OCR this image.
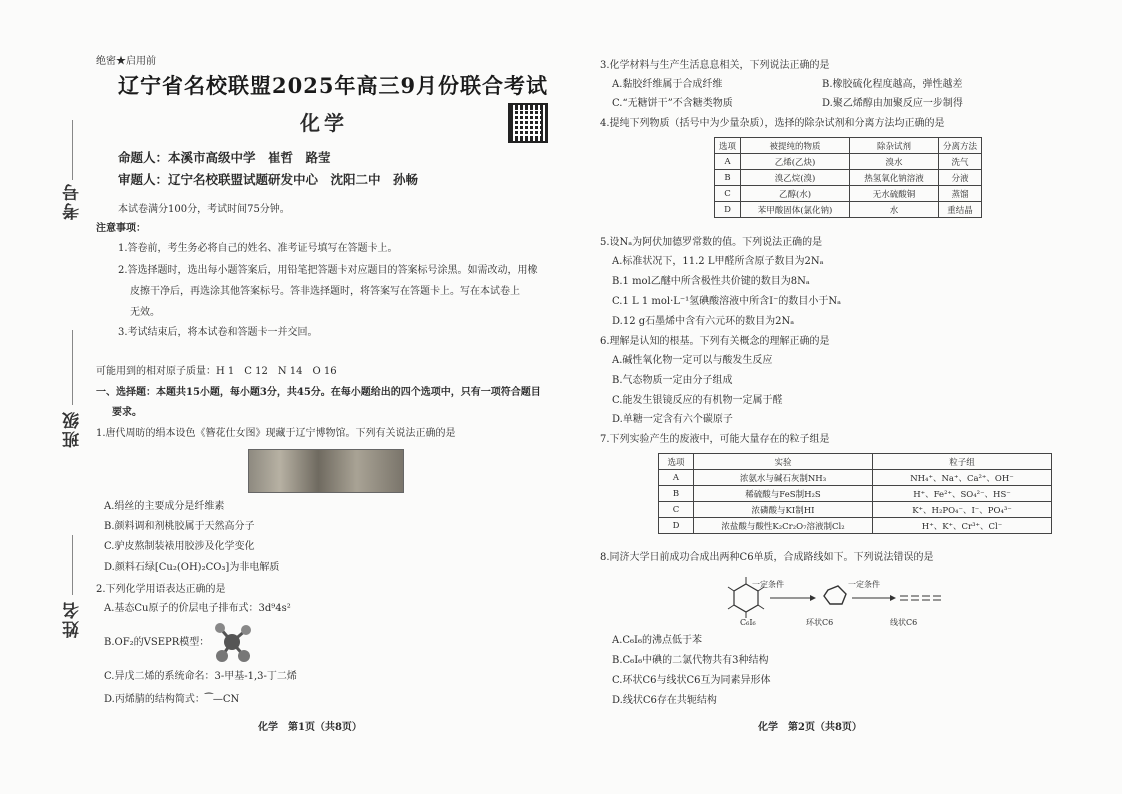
考号
班级
姓名
绝密★启用前
辽宁省名校联盟2025年高三9月份联合考试
化学
命题人：本溪市高级中学　崔哲　路莹
审题人：辽宁名校联盟试题研发中心　沈阳二中　孙畅
本试卷满分100分，考试时间75分钟。
注意事项：
1.答卷前，考生务必将自己的姓名、准考证号填写在答题卡上。
2.答选择题时，选出每小题答案后，用铅笔把答题卡对应题目的答案标号涂黑。如需改动，用橡
皮擦干净后，再选涂其他答案标号。答非选择题时，将答案写在答题卡上。写在本试卷上
无效。
3.考试结束后，将本试卷和答题卡一并交回。
可能用到的相对原子质量：H 1　C 12　N 14　O 16
一、选择题：本题共15小题，每小题3分，共45分。在每小题给出的四个选项中，只有一项符合题目
要求。
1.唐代周昉的绢本设色《簪花仕女图》现藏于辽宁博物馆。下列有关说法正确的是
A.绢丝的主要成分是纤维素
B.颜料调和剂桃胶属于天然高分子
C.驴皮熬制装裱用胶涉及化学变化
D.颜料石绿[Cu₂(OH)₂CO₃]为非电解质
2.下列化学用语表达正确的是
A.基态Cu原子的价层电子排布式：3d⁹4s²
B.OF₂的VSEPR模型：
C.异戊二烯的系统命名：3-甲基-1,3-丁二烯
D.丙烯腈的结构简式：⁀—CN
化学　第1页（共8页）
3.化学材料与生产生活息息相关，下列说法正确的是
A.黏胶纤维属于合成纤维	B.橡胶硫化程度越高，弹性越差
C.“无糖饼干”不含糖类物质	D.聚乙烯醇由加聚反应一步制得
4.提纯下列物质（括号中为少量杂质），选择的除杂试剂和分离方法均正确的是
选项	被提纯的物质	除杂试剂	分离方法
A	乙烯(乙炔)	溴水	洗气
B	溴乙烷(溴)	热氢氧化钠溶液	分液
C	乙醇(水)	无水硫酸铜	蒸馏
D	苯甲酸固体(氯化钠)	水	重结晶
5.设Nₐ为阿伏加德罗常数的值。下列说法正确的是
A.标准状况下，11.2 L甲醛所含原子数目为2Nₐ
B.1 mol乙醚中所含极性共价键的数目为8Nₐ
C.1 L 1 mol·L⁻¹氢碘酸溶液中所含I⁻的数目小于Nₐ
D.12 g石墨烯中含有六元环的数目为2Nₐ
6.理解是认知的根基。下列有关概念的理解正确的是
A.碱性氧化物一定可以与酸发生反应
B.气态物质一定由分子组成
C.能发生银镜反应的有机物一定属于醛
D.单糖一定含有六个碳原子
7.下列实验产生的废液中，可能大量存在的粒子组是
选项	实验	粒子组
A	浓氨水与碱石灰制NH₃	NH₄⁺、Na⁺、Ca²⁺、OH⁻
B	稀硫酸与FeS制H₂S	H⁺、Fe²⁺、SO₄²⁻、HS⁻
C	浓磷酸与KI制HI	K⁺、H₂PO₄⁻、I⁻、PO₄³⁻
D	浓盐酸与酸性K₂Cr₂O₇溶液制Cl₂	H⁺、K⁺、Cr³⁺、Cl⁻
8.同济大学日前成功合成出两种C6单质，合成路线如下。下列说法错误的是
一定条件	一定条件
C₆I₆	环状C6	线状C6
A.C₆I₆的沸点低于苯
B.C₆I₆中碘的二氯代物共有3种结构
C.环状C6与线状C6互为同素异形体
D.线状C6存在共轭结构
化学　第2页（共8页）
